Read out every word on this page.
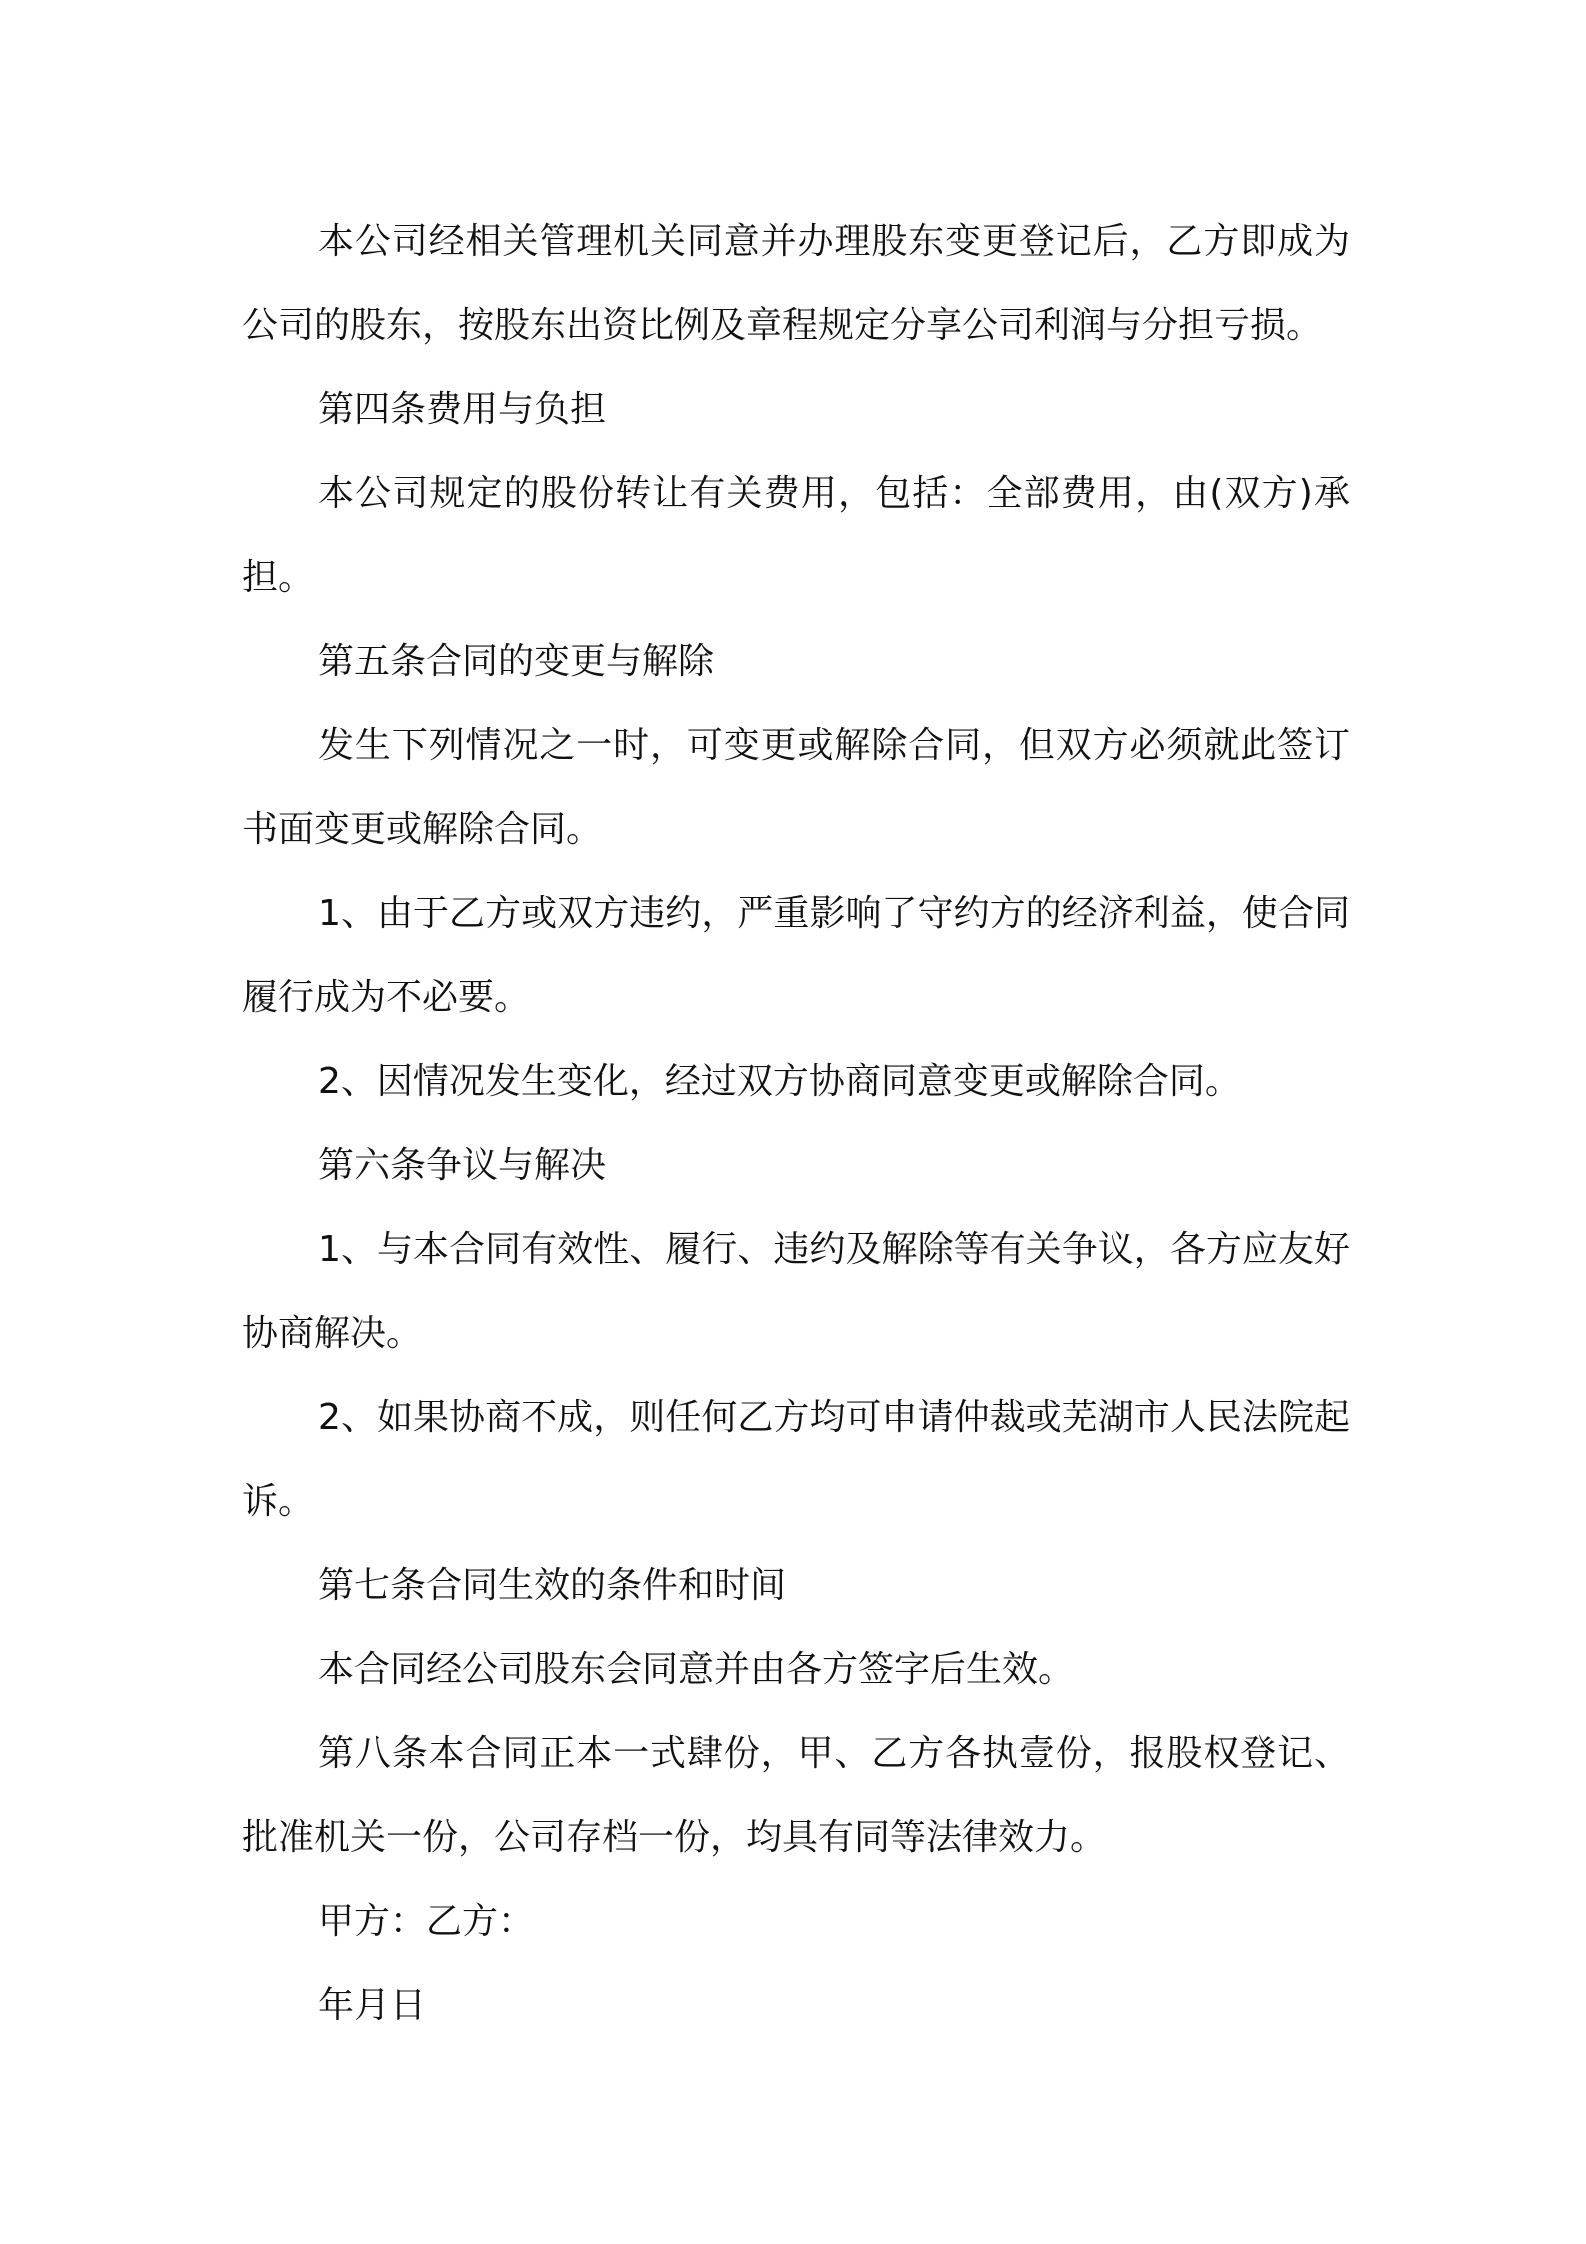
本公司经相关管理机关同意并办理股东变更登记后，乙方即成为公司的股东，按股东出资比例及章程规定分享公司利润与分担亏损。

第四条费用与负担

本公司规定的股份转让有关费用，包括：全部费用，由(双方)承担。

第五条合同的变更与解除

发生下列情况之一时，可变更或解除合同，但双方必须就此签订书面变更或解除合同。

1、由于乙方或双方违约，严重影响了守约方的经济利益，使合同履行成为不必要。

2、因情况发生变化，经过双方协商同意变更或解除合同。

第六条争议与解决

1、与本合同有效性、履行、违约及解除等有关争议，各方应友好协商解决。

2、如果协商不成，则任何乙方均可申请仲裁或芜湖市人民法院起诉。

第七条合同生效的条件和时间

本合同经公司股东会同意并由各方签字后生效。

第八条本合同正本一式肆份，甲、乙方各执壹份，报股权登记、批准机关一份，公司存档一份，均具有同等法律效力。

甲方：乙方：

年月日
